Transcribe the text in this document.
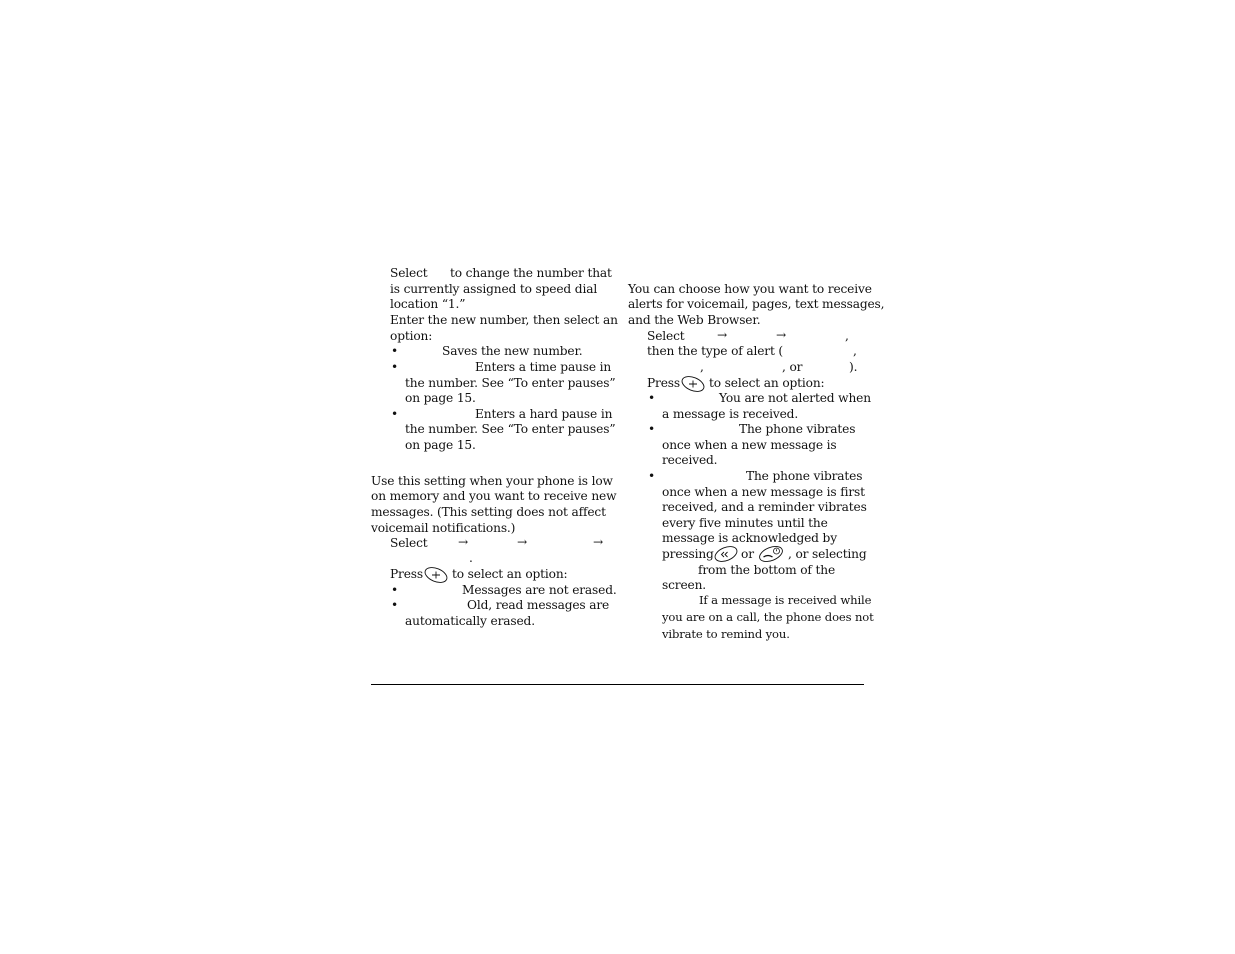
Select to change the number that
is currently assigned to speed dial
location “1.”
Enter the new number, then select an
option:
•	Saves the new number.
•	Enters a time pause in
the number. See “To enter pauses”
on page 15.
•	Enters a hard pause in
the number. See “To enter pauses”
on page 15.
Use this setting when your phone is low
on memory and you want to receive new
messages. (This setting does not affect
voicemail notifications.)
Select	→	→	→
.
Press to select an option:
•	Messages are not erased.
•	Old, read messages are
automatically erased.
You can choose how you want to receive
alerts for voicemail, pages, text messages,
and the Web Browser.
Select	→	→	,
then the type of alert (	,
,	, or	).
Press to select an option:
•	You are not alerted when
a message is received.
•	The phone vibrates
once when a new message is
received.
•	The phone vibrates
once when a new message is first
received, and a reminder vibrates
every five minutes until the
message is acknowledged by
pressing or	, or selecting
from the bottom of the
screen.
If a message is received while
you are on a call, the phone does not
vibrate to remind you.
